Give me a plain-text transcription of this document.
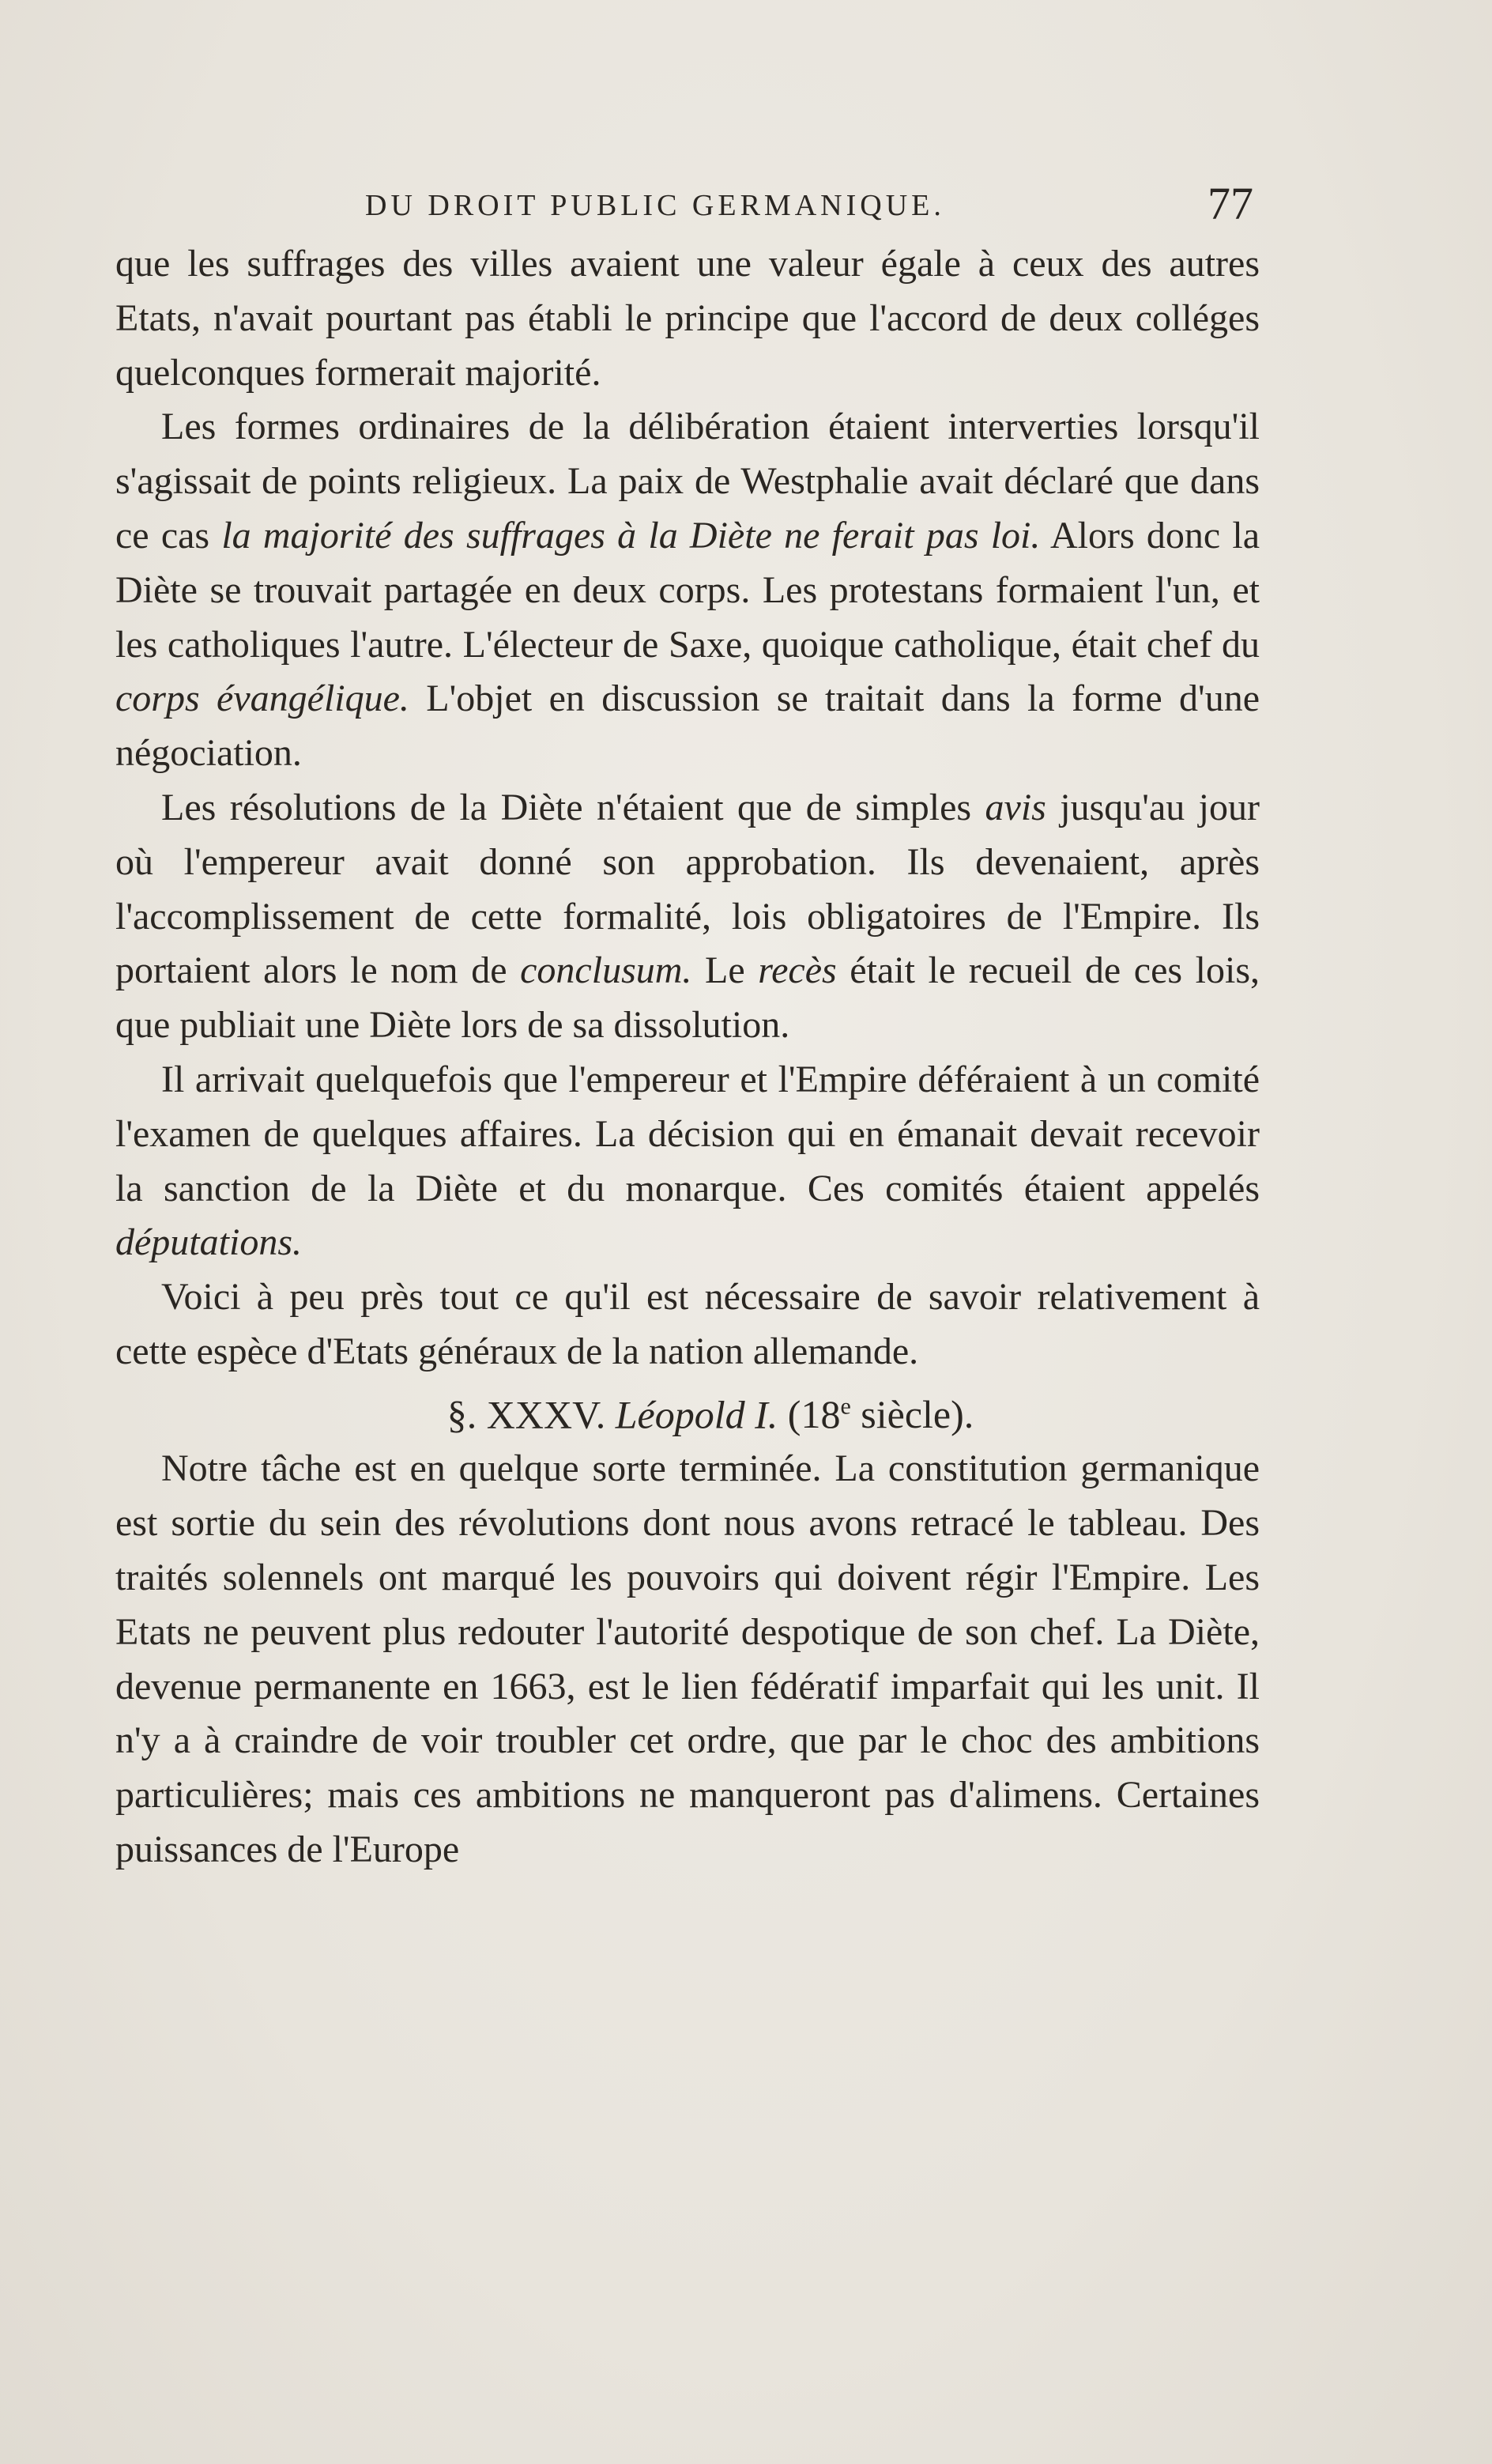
DU DROIT PUBLIC GERMANIQUE.	77

que les suffrages des villes avaient une valeur égale à ceux des autres Etats, n'avait pourtant pas établi le principe que l'accord de deux colléges quelconques formerait majorité.

Les formes ordinaires de la délibération étaient interverties lorsqu'il s'agissait de points religieux. La paix de Westphalie avait déclaré que dans ce cas la majorité des suffrages à la Diète ne ferait pas loi. Alors donc la Diète se trouvait partagée en deux corps. Les protestans formaient l'un, et les catholiques l'autre. L'électeur de Saxe, quoique catholique, était chef du corps évangélique. L'objet en discussion se traitait dans la forme d'une négociation.

Les résolutions de la Diète n'étaient que de simples avis jusqu'au jour où l'empereur avait donné son approbation. Ils devenaient, après l'accomplissement de cette formalité, lois obligatoires de l'Empire. Ils portaient alors le nom de conclusum. Le recès était le recueil de ces lois, que publiait une Diète lors de sa dissolution.

Il arrivait quelquefois que l'empereur et l'Empire déféraient à un comité l'examen de quelques affaires. La décision qui en émanait devait recevoir la sanction de la Diète et du monarque. Ces comités étaient appelés députations.

Voici à peu près tout ce qu'il est nécessaire de savoir relativement à cette espèce d'Etats généraux de la nation allemande.

§. XXXV. Léopold I. (18e siècle).

Notre tâche est en quelque sorte terminée. La constitution germanique est sortie du sein des révolutions dont nous avons retracé le tableau. Des traités solennels ont marqué les pouvoirs qui doivent régir l'Empire. Les Etats ne peuvent plus redouter l'autorité despotique de son chef. La Diète, devenue permanente en 1663, est le lien fédératif imparfait qui les unit. Il n'y a à craindre de voir troubler cet ordre, que par le choc des ambitions particulières; mais ces ambitions ne manqueront pas d'alimens. Certaines puissances de l'Europe
